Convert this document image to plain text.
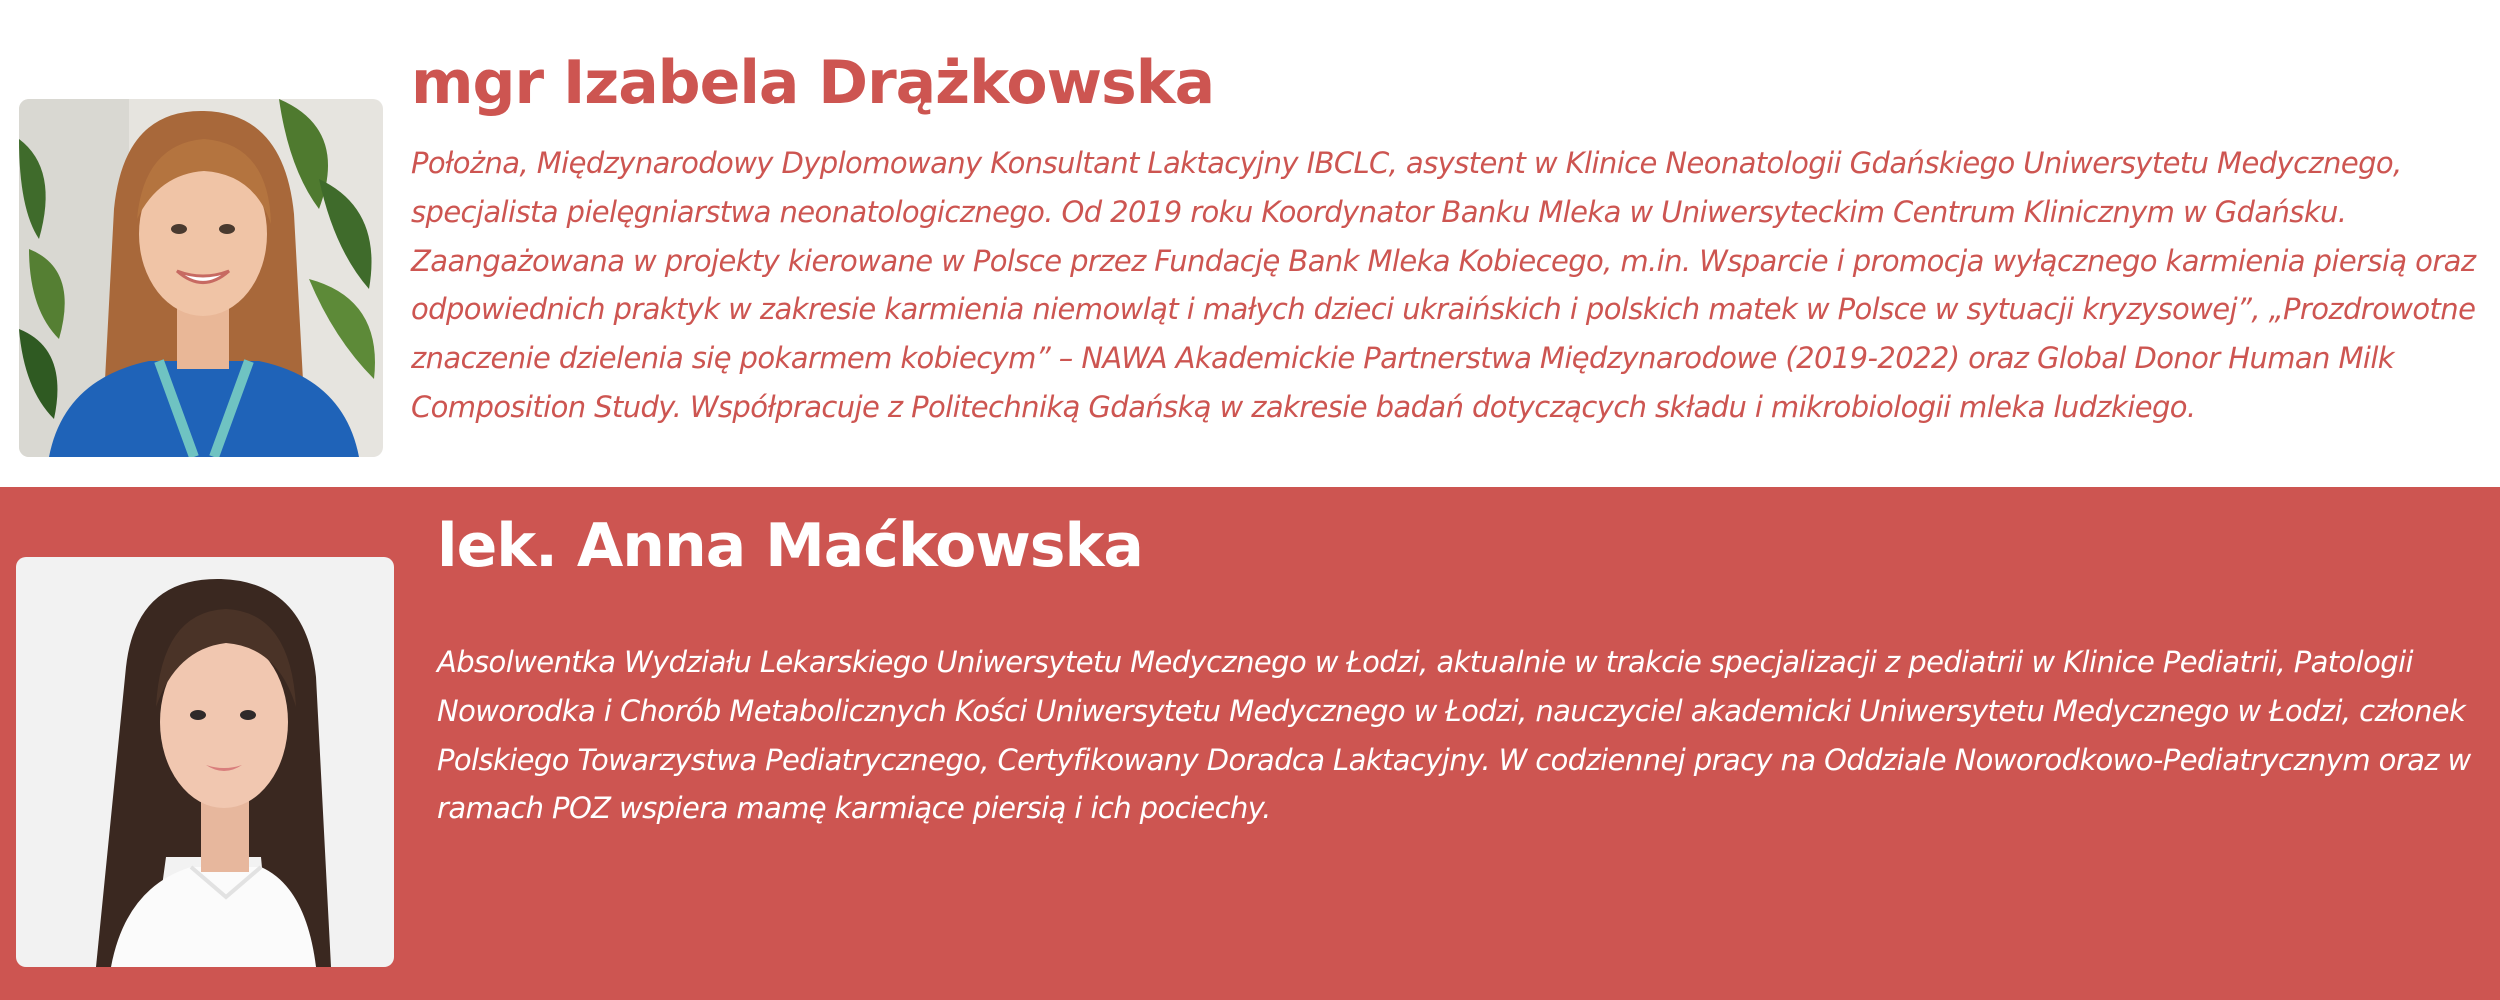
mgr Izabela Drążkowska

Położna, Międzynarodowy Dyplomowany Konsultant Laktacyjny IBCLC, asystent w Klinice Neonatologii Gdańskiego Uniwersytetu Medycznego, specjalista pielęgniarstwa neonatologicznego. Od 2019 roku Koordynator Banku Mleka w Uniwersyteckim Centrum Klinicznym w Gdańsku. Zaangażowana w projekty kierowane w Polsce przez Fundację Bank Mleka Kobiecego, m.in. Wsparcie i promocja wyłącznego karmienia piersią oraz odpowiednich praktyk w zakresie karmienia niemowląt i małych dzieci ukraińskich i polskich matek w Polsce w sytuacji kryzysowej”, „Prozdrowotne znaczenie dzielenia się pokarmem kobiecym” – NAWA Akademickie Partnerstwa Międzynarodowe (2019-2022) oraz Global Donor Human Milk Composition Study. Współpracuje z Politechniką Gdańską w zakresie badań dotyczących składu i mikrobiologii mleka ludzkiego.

lek. Anna Maćkowska

Absolwentka Wydziału Lekarskiego Uniwersytetu Medycznego w Łodzi, aktualnie w trakcie specjalizacji z pediatrii w Klinice Pediatrii, Patologii Noworodka i Chorób Metabolicznych Kości Uniwersytetu Medycznego w Łodzi, nauczyciel akademicki Uniwersytetu Medycznego w Łodzi, członek Polskiego Towarzystwa Pediatrycznego, Certyfikowany Doradca Laktacyjny. W codziennej pracy na Oddziale Noworodkowo-Pediatrycznym oraz w ramach POZ wspiera mamę karmiące piersią i ich pociechy.
